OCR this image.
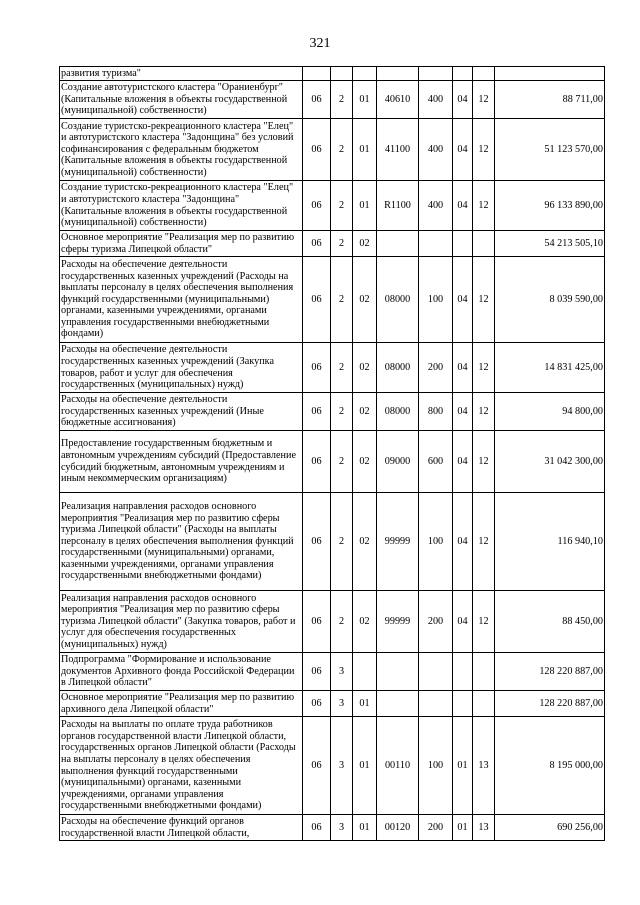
321
развития туризма"								
Создание автотуристского кластера "Ораниенбург" (Капитальные вложения в объекты государственной (муниципальной) собственности)	06	2	01	40610	400	04	12	88 711,00
Создание туристско-рекреационного кластера "Елец" и автотуристского кластера "Задонщина" без условий софинансирования с федеральным бюджетом (Капитальные вложения в объекты государственной (муниципальной) собственности)	06	2	01	41100	400	04	12	51 123 570,00
Создание туристско-рекреационного кластера "Елец" и автотуристского кластера "Задонщина" (Капитальные вложения в объекты государственной (муниципальной) собственности)	06	2	01	R1100	400	04	12	96 133 890,00
Основное мероприятие "Реализация мер по развитию сферы туризма Липецкой области"	06	2	02					54 213 505,10
Расходы на обеспечение деятельности государственных казенных учреждений (Расходы на выплаты персоналу в целях обеспечения выполнения функций государственными (муниципальными) органами, казенными учреждениями, органами управления государственными внебюджетными фондами)	06	2	02	08000	100	04	12	8 039 590,00
Расходы на обеспечение деятельности государственных казенных учреждений (Закупка товаров, работ и услуг для обеспечения государственных (муниципальных) нужд)	06	2	02	08000	200	04	12	14 831 425,00
Расходы на обеспечение деятельности государственных казенных учреждений (Иные бюджетные ассигнования)	06	2	02	08000	800	04	12	94 800,00
Предоставление государственным бюджетным и автономным учреждениям субсидий (Предоставление субсидий бюджетным, автономным учреждениям и иным некоммерческим организациям)	06	2	02	09000	600	04	12	31 042 300,00
Реализация направления расходов основного мероприятия "Реализация мер по развитию сферы туризма Липецкой области" (Расходы на выплаты персоналу в целях обеспечения выполнения функций государственными (муниципальными) органами, казенными учреждениями, органами управления государственными внебюджетными фондами)	06	2	02	99999	100	04	12	116 940,10
Реализация направления расходов основного мероприятия "Реализация мер по развитию сферы туризма Липецкой области" (Закупка товаров, работ и услуг для обеспечения государственных (муниципальных) нужд)	06	2	02	99999	200	04	12	88 450,00
Подпрограмма "Формирование и использование документов Архивного фонда Российской Федерации в Липецкой области"	06	3						128 220 887,00
Основное мероприятие "Реализация мер по развитию архивного дела Липецкой области"	06	3	01					128 220 887,00
Расходы на выплаты по оплате труда работников органов государственной власти Липецкой области, государственных органов Липецкой области (Расходы на выплаты персоналу в целях обеспечения выполнения функций государственными (муниципальными) органами, казенными учреждениями, органами управления государственными внебюджетными фондами)	06	3	01	00110	100	01	13	8 195 000,00
Расходы на обеспечение функций органов государственной власти Липецкой области,	06	3	01	00120	200	01	13	690 256,00
